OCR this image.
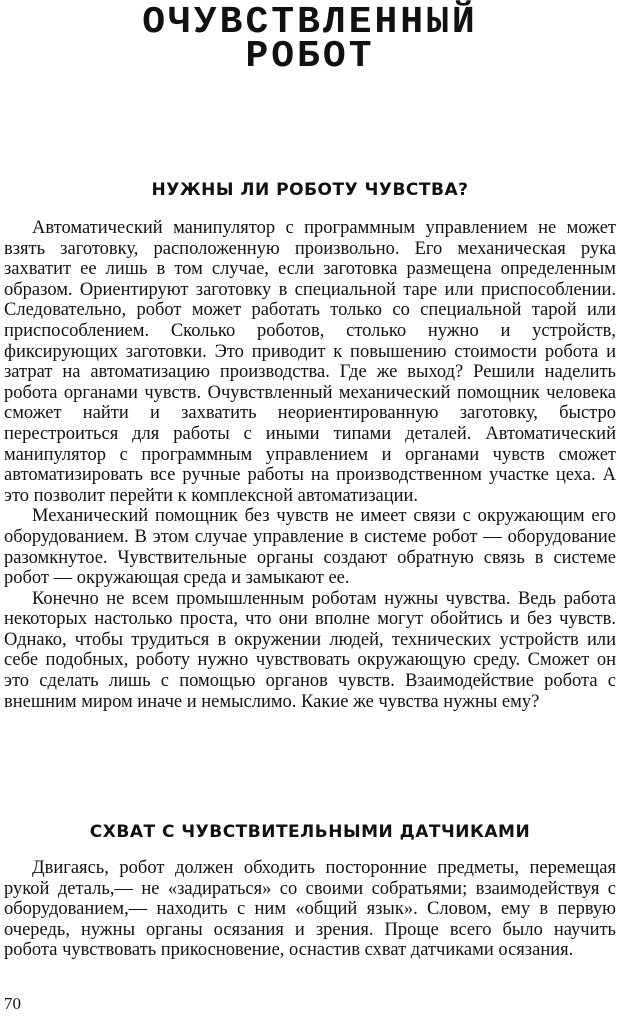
ОЧУВСТВЛЕННЫЙ
РОБОТ
НУЖНЫ ЛИ РОБОТУ ЧУВСТВА?

Автоматический манипулятор с программным управлением не может взять заготовку, расположенную произвольно. Его механическая рука захватит ее лишь в том случае, если заготовка размещена определенным образом. Ориентируют заготовку в специальной таре или приспособлении. Следовательно, робот может работать только со специальной тарой или приспособлением. Сколько роботов, столько нужно и устройств, фиксирующих заготовки. Это приводит к повышению стоимости робота и затрат на автоматизацию производства. Где же выход? Решили наделить робота органами чувств. Очувствленный механический помощник человека сможет найти и захватить неориентированную заготовку, быстро перестроиться для работы с иными типами деталей. Автоматический манипулятор с программным управлением и органами чувств сможет автоматизировать все ручные работы на производственном участке цеха. А это позволит перейти к комплексной автоматизации.

Механический помощник без чувств не имеет связи с окружающим его оборудованием. В этом случае управление в системе робот — оборудование разомкнутое. Чувствительные органы создают обратную связь в системе робот — окружающая среда и замыкают ее.

Конечно не всем промышленным роботам нужны чувства. Ведь работа некоторых настолько проста, что они вполне могут обойтись и без чувств. Однако, чтобы трудиться в окружении людей, технических устройств или себе подобных, роботу нужно чувствовать окружающую среду. Сможет он это сделать лишь с помощью органов чувств. Взаимодействие робота с внешним миром иначе и немыслимо. Какие же чувства нужны ему?

СХВАТ С ЧУВСТВИТЕЛЬНЫМИ ДАТЧИКАМИ

Двигаясь, робот должен обходить посторонние предметы, перемещая рукой деталь,— не «задираться» со своими собратьями; взаимодействуя с оборудованием,— находить с ним «общий язык». Словом, ему в первую очередь, нужны органы осязания и зрения. Проще всего было научить робота чувствовать прикосновение, оснастив схват датчиками осязания.

70
